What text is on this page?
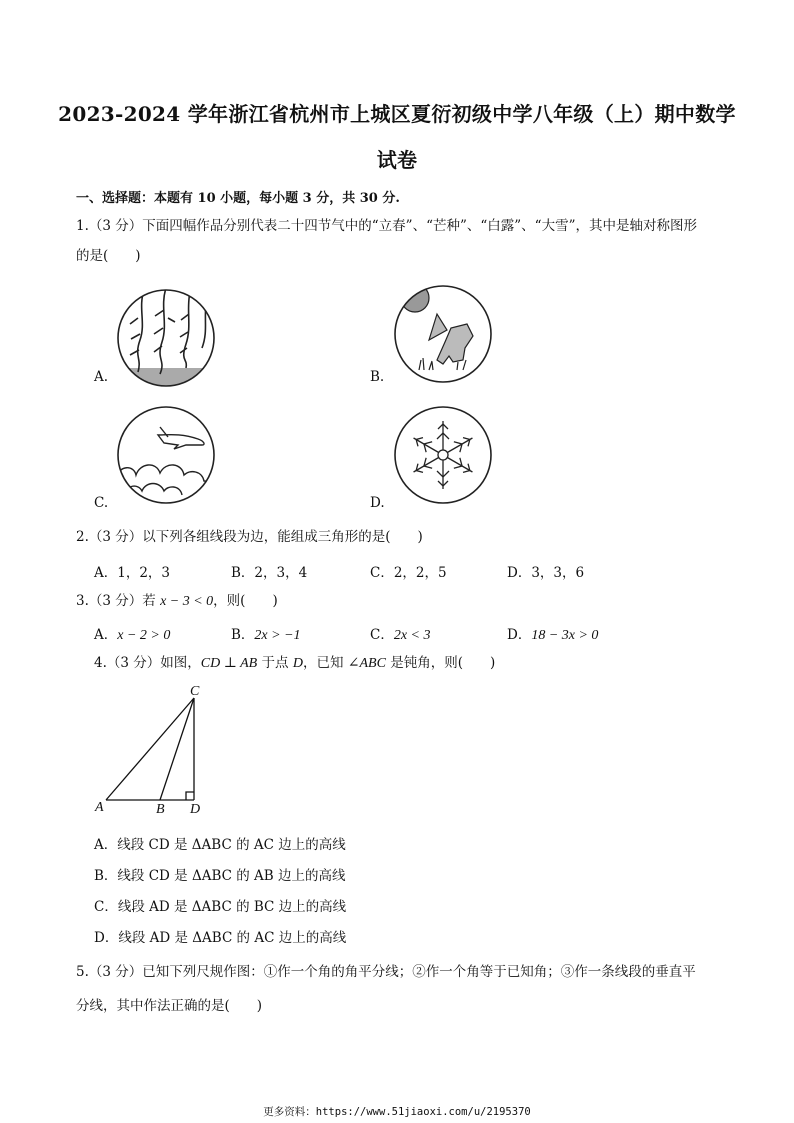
2023-2024 学年浙江省杭州市上城区夏衍初级中学八年级（上）期中数学
试卷
一、选择题：本题有 10 小题，每小题 3 分，共 30 分.
1.（3 分）下面四幅作品分别代表二十四节气中的“立春”、“芒种”、“白露”、“大雪”，其中是轴对称图形
的是(　　)
A.	B.
C.	D.
2.（3 分）以下列各组线段为边，能组成三角形的是(　　)
A．1，2，3	B．2，3，4	C．2，2，5	D．3，3，6
3.（3 分）若 x − 3 < 0，则(　　)
A．x − 2 > 0	B．2x > −1	C．2x < 3	D．18 − 3x > 0
4.（3 分）如图，CD ⊥ AB 于点 D，已知 ∠ABC 是钝角，则(　　)
C
A	B D
A．线段 CD 是 ΔABC 的 AC 边上的高线
B．线段 CD 是 ΔABC 的 AB 边上的高线
C．线段 AD 是 ΔABC 的 BC 边上的高线
D．线段 AD 是 ΔABC 的 AC 边上的高线
5.（3 分）已知下列尺规作图：①作一个角的角平分线；②作一个角等于已知角；③作一条线段的垂直平
分线，其中作法正确的是(　　)
更多资料：https://www.51jiaoxi.com/u/2195370
